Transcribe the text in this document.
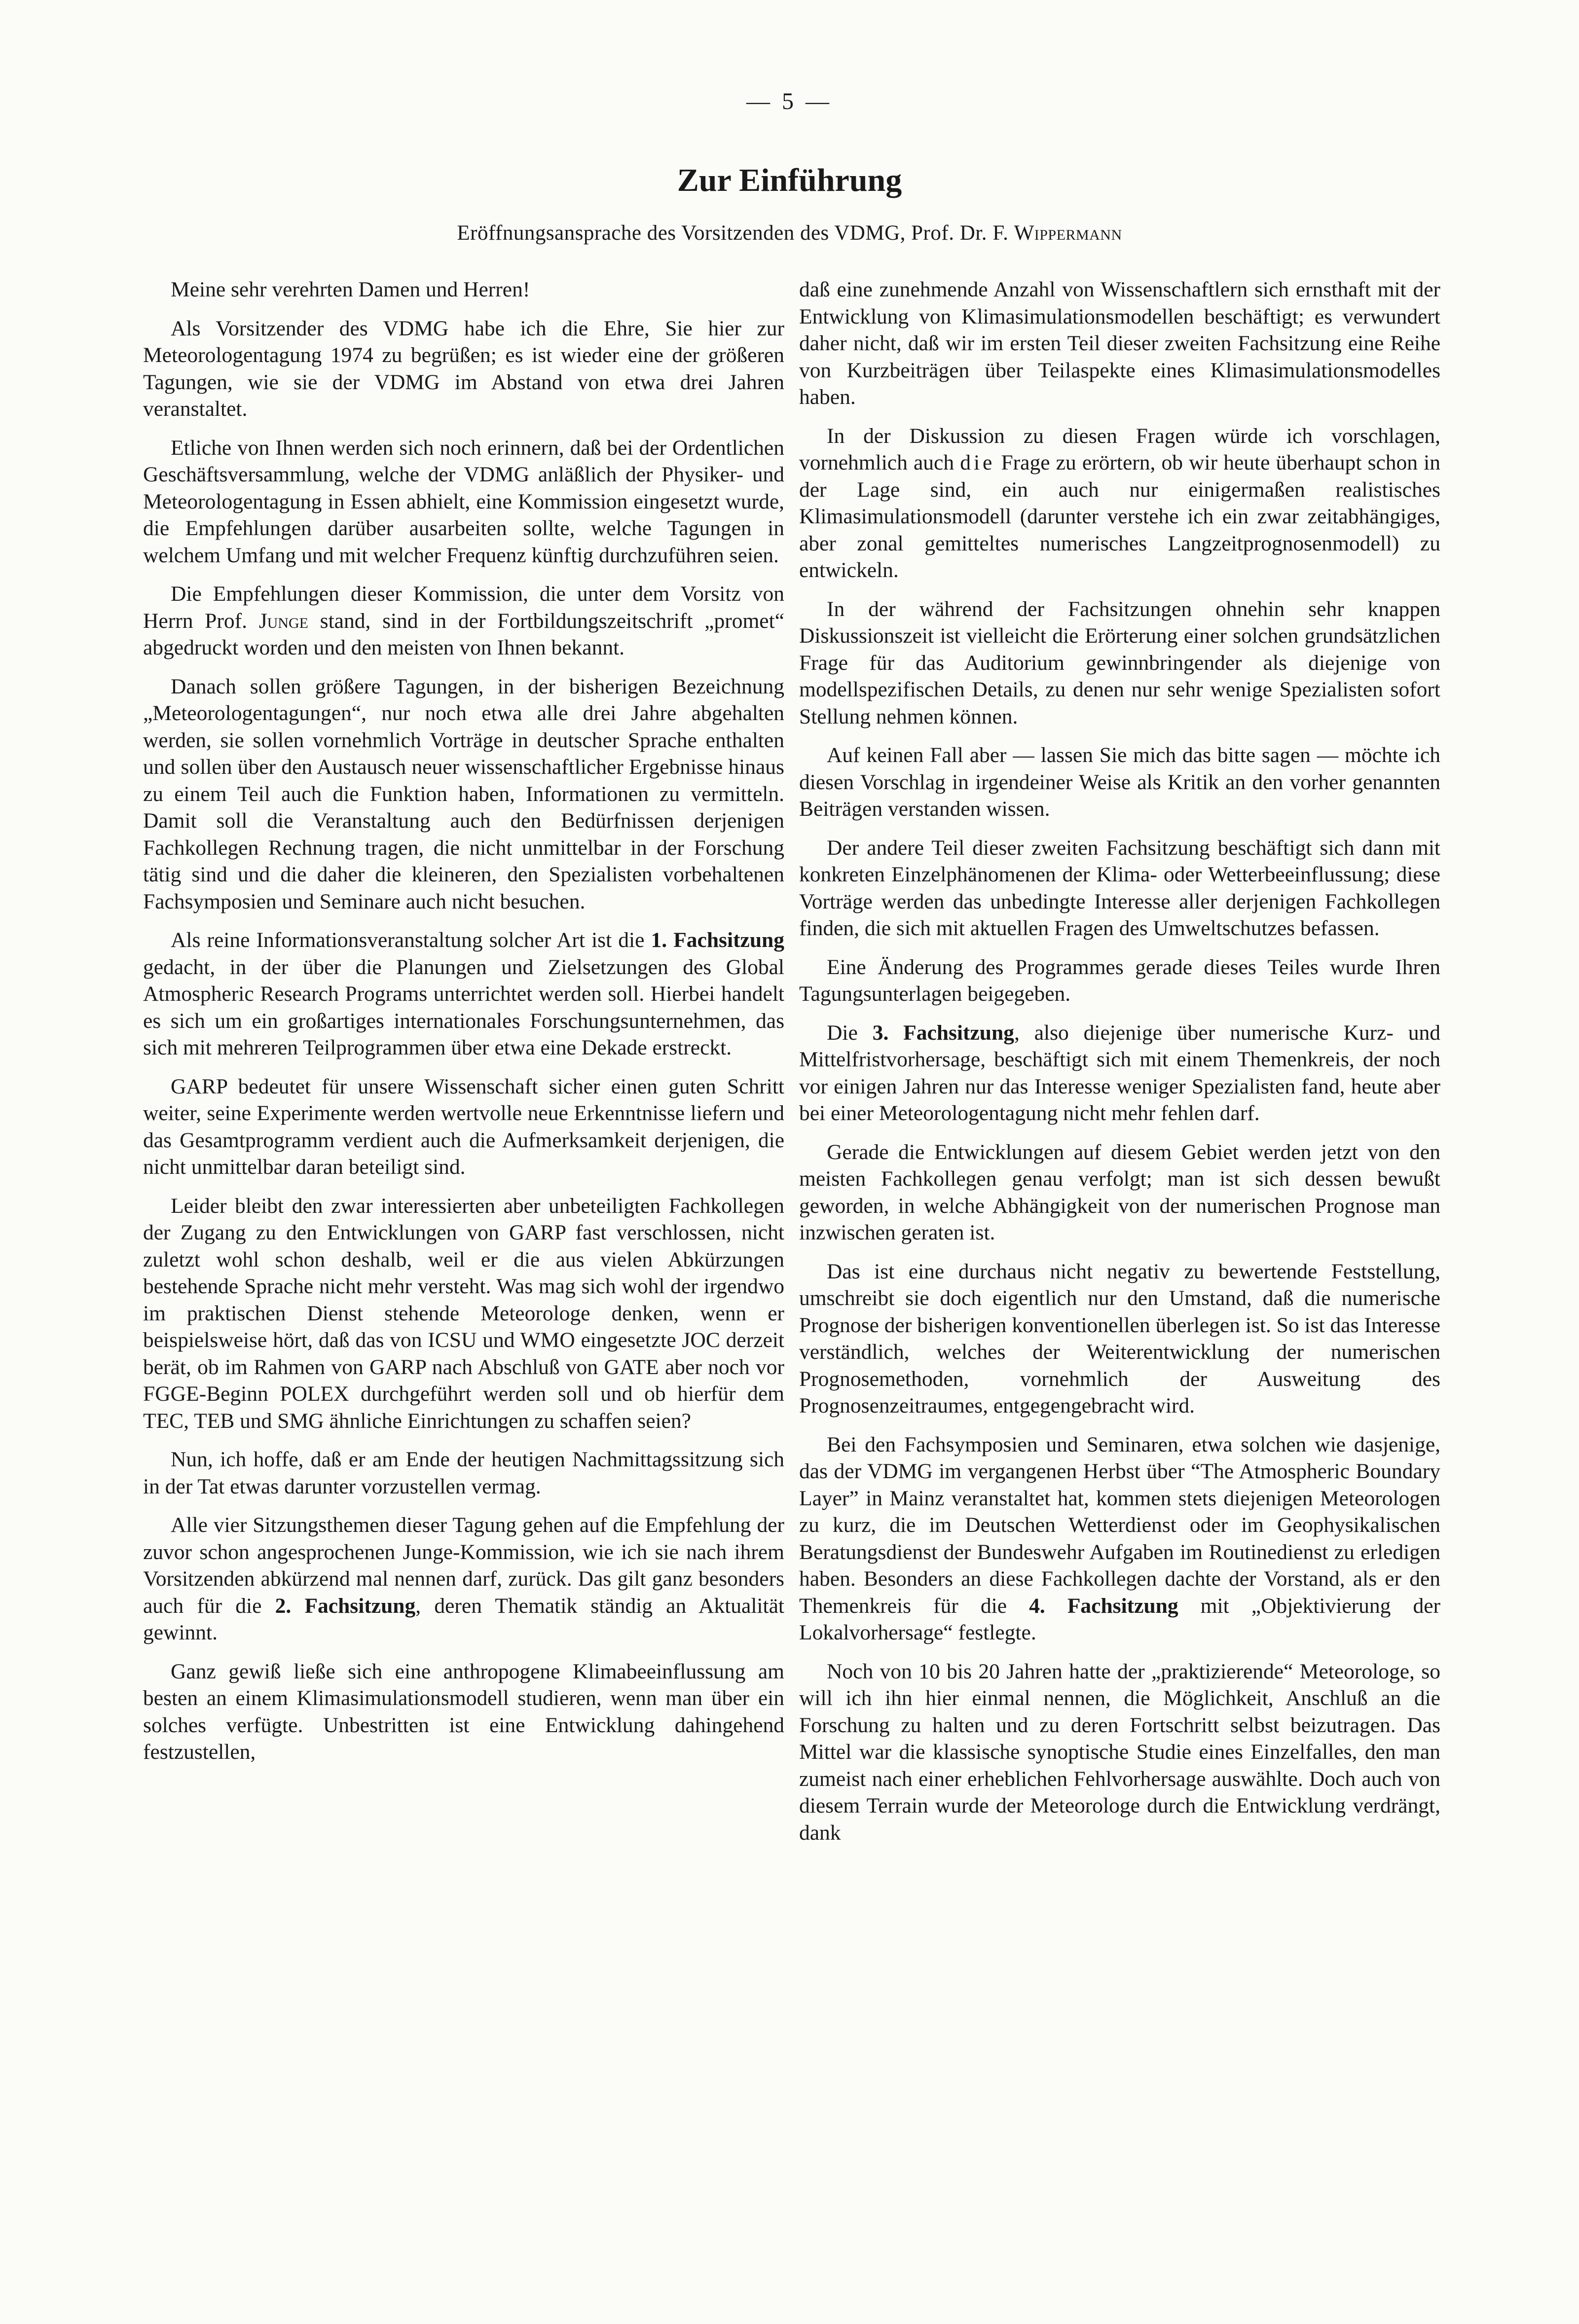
— 5 —
Zur Einführung
Eröffnungsansprache des Vorsitzenden des VDMG, Prof. Dr. F. Wippermann

Meine sehr verehrten Damen und Herren!

Als Vorsitzender des VDMG habe ich die Ehre, Sie hier zur Meteorologentagung 1974 zu begrüßen; es ist wieder eine der größeren Tagungen, wie sie der VDMG im Abstand von etwa drei Jahren veranstaltet.

Etliche von Ihnen werden sich noch erinnern, daß bei der Ordentlichen Geschäftsversammlung, welche der VDMG anläßlich der Physiker- und Meteorologentagung in Essen abhielt, eine Kommission eingesetzt wurde, die Empfehlungen darüber ausarbeiten sollte, welche Tagungen in welchem Umfang und mit welcher Frequenz künftig durchzuführen seien.

Die Empfehlungen dieser Kommission, die unter dem Vorsitz von Herrn Prof. Junge stand, sind in der Fortbildungszeitschrift „promet“ abgedruckt worden und den meisten von Ihnen bekannt.

Danach sollen größere Tagungen, in der bisherigen Bezeichnung „Meteorologentagungen“, nur noch etwa alle drei Jahre abgehalten werden, sie sollen vornehmlich Vorträge in deutscher Sprache enthalten und sollen über den Austausch neuer wissenschaftlicher Ergebnisse hinaus zu einem Teil auch die Funktion haben, Informationen zu vermitteln. Damit soll die Veranstaltung auch den Bedürfnissen derjenigen Fachkollegen Rechnung tragen, die nicht unmittelbar in der Forschung tätig sind und die daher die kleineren, den Spezialisten vorbehaltenen Fachsymposien und Seminare auch nicht besuchen.

Als reine Informationsveranstaltung solcher Art ist die 1. Fachsitzung gedacht, in der über die Planungen und Zielsetzungen des Global Atmospheric Research Programs unterrichtet werden soll. Hierbei handelt es sich um ein großartiges internationales Forschungsunternehmen, das sich mit mehreren Teilprogrammen über etwa eine Dekade erstreckt.

GARP bedeutet für unsere Wissenschaft sicher einen guten Schritt weiter, seine Experimente werden wertvolle neue Erkenntnisse liefern und das Gesamtprogramm verdient auch die Aufmerksamkeit derjenigen, die nicht unmittelbar daran beteiligt sind.

Leider bleibt den zwar interessierten aber unbeteiligten Fachkollegen der Zugang zu den Entwicklungen von GARP fast verschlossen, nicht zuletzt wohl schon deshalb, weil er die aus vielen Abkürzungen bestehende Sprache nicht mehr versteht. Was mag sich wohl der irgendwo im praktischen Dienst stehende Meteorologe denken, wenn er beispielsweise hört, daß das von ICSU und WMO eingesetzte JOC derzeit berät, ob im Rahmen von GARP nach Abschluß von GATE aber noch vor FGGE-Beginn POLEX durchgeführt werden soll und ob hierfür dem TEC, TEB und SMG ähnliche Einrichtungen zu schaffen seien?

Nun, ich hoffe, daß er am Ende der heutigen Nachmittagssitzung sich in der Tat etwas darunter vorzustellen vermag.

Alle vier Sitzungsthemen dieser Tagung gehen auf die Empfehlung der zuvor schon angesprochenen Junge-Kommission, wie ich sie nach ihrem Vorsitzenden abkürzend mal nennen darf, zurück. Das gilt ganz besonders auch für die 2. Fachsitzung, deren Thematik ständig an Aktualität gewinnt.

Ganz gewiß ließe sich eine anthropogene Klimabeeinflussung am besten an einem Klimasimulationsmodell studieren, wenn man über ein solches verfügte. Unbestritten ist eine Entwicklung dahingehend festzustellen,

daß eine zunehmende Anzahl von Wissenschaftlern sich ernsthaft mit der Entwicklung von Klimasimulationsmodellen beschäftigt; es verwundert daher nicht, daß wir im ersten Teil dieser zweiten Fachsitzung eine Reihe von Kurzbeiträgen über Teilaspekte eines Klimasimulationsmodelles haben.

In der Diskussion zu diesen Fragen würde ich vorschlagen, vornehmlich auch die Frage zu erörtern, ob wir heute überhaupt schon in der Lage sind, ein auch nur einigermaßen realistisches Klimasimulationsmodell (darunter verstehe ich ein zwar zeitabhängiges, aber zonal gemitteltes numerisches Langzeitprognosenmodell) zu entwickeln.

In der während der Fachsitzungen ohnehin sehr knappen Diskussionszeit ist vielleicht die Erörterung einer solchen grundsätzlichen Frage für das Auditorium gewinnbringender als diejenige von modellspezifischen Details, zu denen nur sehr wenige Spezialisten sofort Stellung nehmen können.

Auf keinen Fall aber — lassen Sie mich das bitte sagen — möchte ich diesen Vorschlag in irgendeiner Weise als Kritik an den vorher genannten Beiträgen verstanden wissen.

Der andere Teil dieser zweiten Fachsitzung beschäftigt sich dann mit konkreten Einzelphänomenen der Klima- oder Wetterbeeinflussung; diese Vorträge werden das unbedingte Interesse aller derjenigen Fachkollegen finden, die sich mit aktuellen Fragen des Umweltschutzes befassen.

Eine Änderung des Programmes gerade dieses Teiles wurde Ihren Tagungsunterlagen beigegeben.

Die 3. Fachsitzung, also diejenige über numerische Kurz- und Mittelfristvorhersage, beschäftigt sich mit einem Themenkreis, der noch vor einigen Jahren nur das Interesse weniger Spezialisten fand, heute aber bei einer Meteorologentagung nicht mehr fehlen darf.

Gerade die Entwicklungen auf diesem Gebiet werden jetzt von den meisten Fachkollegen genau verfolgt; man ist sich dessen bewußt geworden, in welche Abhängigkeit von der numerischen Prognose man inzwischen geraten ist.

Das ist eine durchaus nicht negativ zu bewertende Feststellung, umschreibt sie doch eigentlich nur den Umstand, daß die numerische Prognose der bisherigen konventionellen überlegen ist. So ist das Interesse verständlich, welches der Weiterentwicklung der numerischen Prognosemethoden, vornehmlich der Ausweitung des Prognosenzeitraumes, entgegengebracht wird.

Bei den Fachsymposien und Seminaren, etwa solchen wie dasjenige, das der VDMG im vergangenen Herbst über “The Atmospheric Boundary Layer” in Mainz veranstaltet hat, kommen stets diejenigen Meteorologen zu kurz, die im Deutschen Wetterdienst oder im Geophysikalischen Beratungsdienst der Bundeswehr Aufgaben im Routinedienst zu erledigen haben. Besonders an diese Fachkollegen dachte der Vorstand, als er den Themenkreis für die 4. Fachsitzung mit „Objektivierung der Lokalvorhersage“ festlegte.

Noch von 10 bis 20 Jahren hatte der „praktizierende“ Meteorologe, so will ich ihn hier einmal nennen, die Möglichkeit, Anschluß an die Forschung zu halten und zu deren Fortschritt selbst beizutragen. Das Mittel war die klassische synoptische Studie eines Einzelfalles, den man zumeist nach einer erheblichen Fehlvorhersage auswählte. Doch auch von diesem Terrain wurde der Meteorologe durch die Entwicklung verdrängt, dank
